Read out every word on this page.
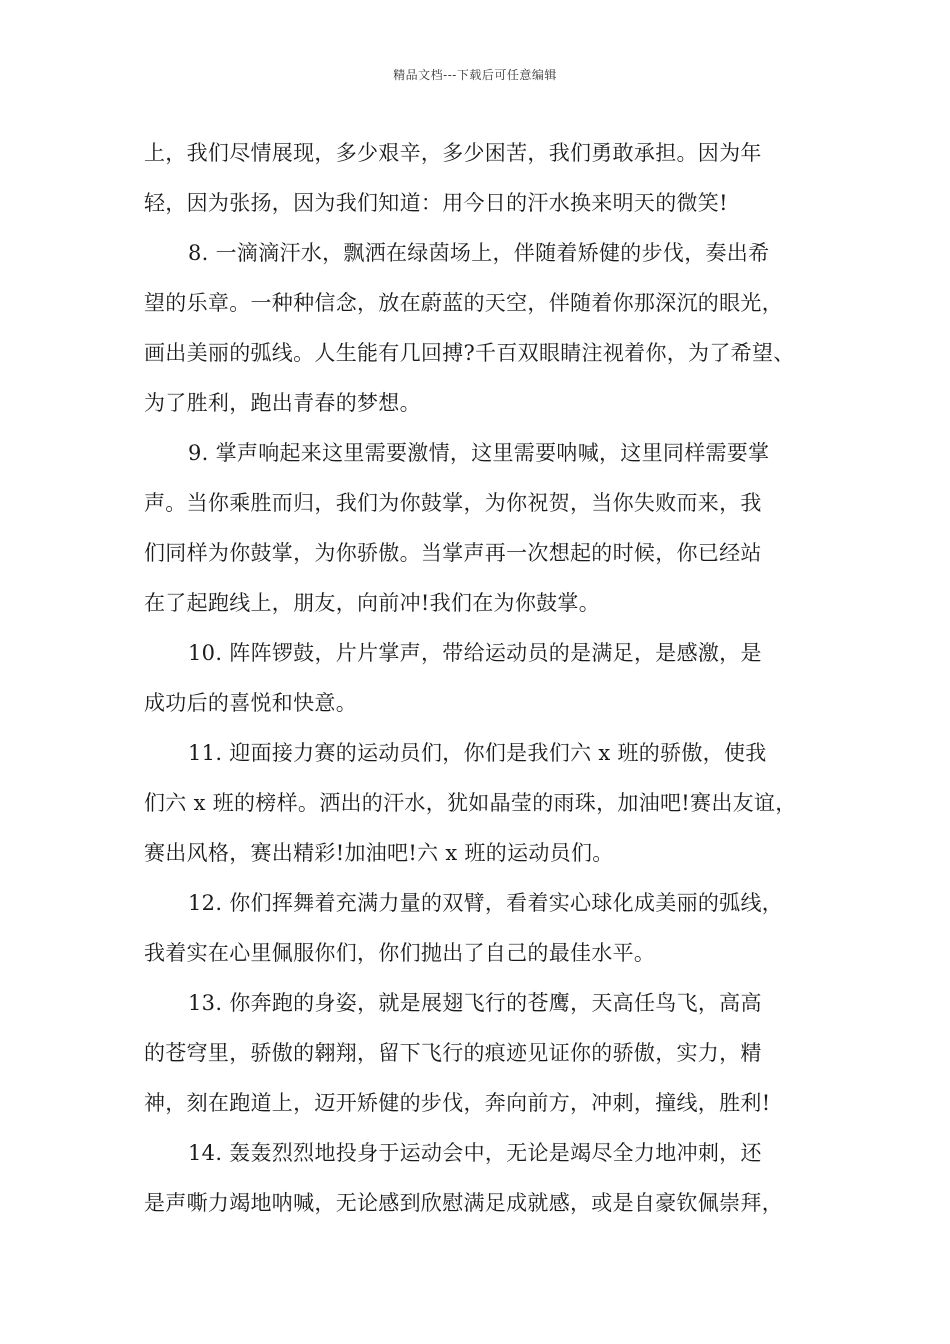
精品文档---下载后可任意编辑
上，我们尽情展现，多少艰辛，多少困苦，我们勇敢承担。因为年
轻，因为张扬，因为我们知道：用今日的汗水换来明天的微笑!
8. 一滴滴汗水，飘洒在绿茵场上，伴随着矫健的步伐，奏出希
望的乐章。一种种信念，放在蔚蓝的天空，伴随着你那深沉的眼光，
画出美丽的弧线。人生能有几回搏?千百双眼睛注视着你，为了希望、
为了胜利，跑出青春的梦想。
9. 掌声响起来这里需要激情，这里需要呐喊，这里同样需要掌
声。当你乘胜而归，我们为你鼓掌，为你祝贺，当你失败而来，我
们同样为你鼓掌，为你骄傲。当掌声再一次想起的时候，你已经站
在了起跑线上，朋友，向前冲!我们在为你鼓掌。
10. 阵阵锣鼓，片片掌声，带给运动员的是满足，是感激，是
成功后的喜悦和快意。
11. 迎面接力赛的运动员们，你们是我们六 x 班的骄傲，使我
们六 x 班的榜样。洒出的汗水，犹如晶莹的雨珠，加油吧!赛出友谊，
赛出风格，赛出精彩!加油吧!六 x 班的运动员们。
12. 你们挥舞着充满力量的双臂，看着实心球化成美丽的弧线，
我着实在心里佩服你们，你们抛出了自己的最佳水平。
13. 你奔跑的身姿，就是展翅飞行的苍鹰，天高任鸟飞，高高
的苍穹里，骄傲的翱翔，留下飞行的痕迹见证你的骄傲，实力，精
神，刻在跑道上，迈开矫健的步伐，奔向前方，冲刺，撞线，胜利!
14. 轰轰烈烈地投身于运动会中，无论是竭尽全力地冲刺，还
是声嘶力竭地呐喊，无论感到欣慰满足成就感，或是自豪钦佩崇拜，
